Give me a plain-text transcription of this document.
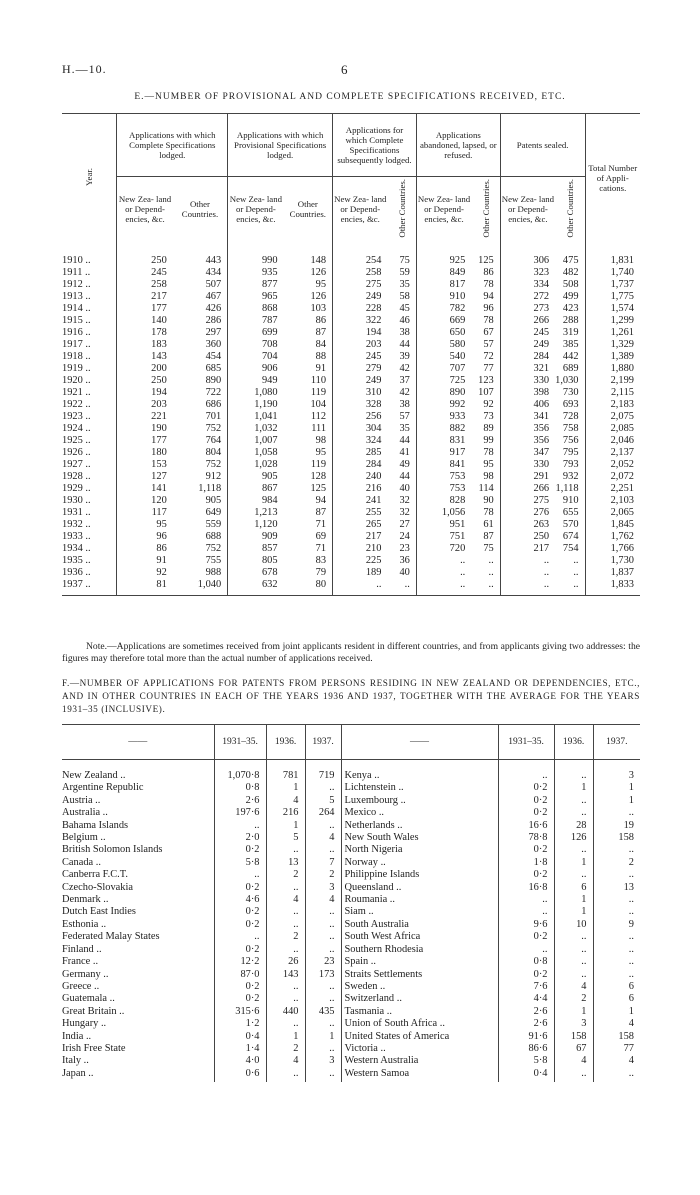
H.—10.	6
E.—NUMBER OF PROVISIONAL AND COMPLETE SPECIFICATIONS RECEIVED, ETC.
Year.	Applications with which Complete Specifications lodged.		Applications with which Provisional Specifications lodged.		Applications for which Complete Specifications subsequently lodged.		Applications abandoned, lapsed, or refused.		Patents sealed.		Total Number of Appli- cations.
	New Zea- land or Depend- encies, &c.	Other Countries.	New Zea- land or Depend- encies, &c.	Other Countries.	New Zea- land or Depend- encies, &c.	Other Countries.	New Zea- land or Depend- encies, &c.	Other Countries.	New Zea- land or Depend- encies, &c.	Other Countries.	
1910 ..	250	443	990	148	254	75	925	125	306	475	1,831
1911 ..	245	434	935	126	258	59	849	86	323	482	1,740
1912 ..	258	507	877	95	275	35	817	78	334	508	1,737
1913 ..	217	467	965	126	249	58	910	94	272	499	1,775
1914 ..	177	426	868	103	228	45	782	96	273	423	1,574
1915 ..	140	286	787	86	322	46	669	78	266	288	1,299
1916 ..	178	297	699	87	194	38	650	67	245	319	1,261
1917 ..	183	360	708	84	203	44	580	57	249	385	1,329
1918 ..	143	454	704	88	245	39	540	72	284	442	1,389
1919 ..	200	685	906	91	279	42	707	77	321	689	1,880
1920 ..	250	890	949	110	249	37	725	123	330	1,030	2,199
1921 ..	194	722	1,080	119	310	42	890	107	398	730	2,115
1922 ..	203	686	1,190	104	328	38	992	92	406	693	2,183
1923 ..	221	701	1,041	112	256	57	933	73	341	728	2,075
1924 ..	190	752	1,032	111	304	35	882	89	356	758	2,085
1925 ..	177	764	1,007	98	324	44	831	99	356	756	2,046
1926 ..	180	804	1,058	95	285	41	917	78	347	795	2,137
1927 ..	153	752	1,028	119	284	49	841	95	330	793	2,052
1928 ..	127	912	905	128	240	44	753	98	291	932	2,072
1929 ..	141	1,118	867	125	216	40	753	114	266	1,118	2,251
1930 ..	120	905	984	94	241	32	828	90	275	910	2,103
1931 ..	117	649	1,213	87	255	32	1,056	78	276	655	2,065
1932 ..	95	559	1,120	71	265	27	951	61	263	570	1,845
1933 ..	96	688	909	69	217	24	751	87	250	674	1,762
1934 ..	86	752	857	71	210	23	720	75	217	754	1,766
1935 ..	91	755	805	83	225	36	..	..	..	..	1,730
1936 ..	92	988	678	79	189	40	..	..	..	..	1,837
1937 ..	81	1,040	632	80	..	..	..	..	..	..	1,833
Note.—Applications are sometimes received from joint applicants resident in different countries, and from applicants giving two addresses: the figures may therefore total more than the actual number of applications received.
F.—NUMBER OF APPLICATIONS FOR PATENTS FROM PERSONS RESIDING IN NEW ZEALAND OR DEPENDENCIES, ETC., AND IN OTHER COUNTRIES IN EACH OF THE YEARS 1936 AND 1937, TOGETHER WITH THE AVERAGE FOR THE YEARS 1931–35 (INCLUSIVE).
——	1931–35.	1936.	1937.	——	1931–35.	1936.	1937.
New Zealand ..	1,070·8	781	719	Kenya ..	..	..	3
Argentine Republic	0·8	1	..	Lichtenstein ..	0·2	1	1
Austria ..	2·6	4	5	Luxembourg ..	0·2	..	1
Australia ..	197·6	216	264	Mexico ..	0·2	..	..
Bahama Islands	..	1	..	Netherlands ..	16·6	28	19
Belgium ..	2·0	5	4	New South Wales	78·8	126	158
British Solomon Islands	0·2	..	..	North Nigeria	0·2	..	..
Canada ..	5·8	13	7	Norway ..	1·8	1	2
Canberra F.C.T.	..	2	2	Philippine Islands	0·2	..	..
Czecho-Slovakia	0·2	..	3	Queensland ..	16·8	6	13
Denmark ..	4·6	4	4	Roumania ..	..	1	..
Dutch East Indies	0·2	..	..	Siam ..	..	1	..
Esthonia ..	0·2	..	..	South Australia	9·6	10	9
Federated Malay States	..	2	..	South West Africa	0·2	..	..
Finland ..	0·2	..	..	Southern Rhodesia	..	..	..
France ..	12·2	26	23	Spain ..	0·8	..	..
Germany ..	87·0	143	173	Straits Settlements	0·2	..	..
Greece ..	0·2	..	..	Sweden ..	7·6	4	6
Guatemala ..	0·2	..	..	Switzerland ..	4·4	2	6
Great Britain ..	315·6	440	435	Tasmania ..	2·6	1	1
Hungary ..	1·2	..	..	Union of South Africa ..	2·6	3	4
India ..	0·4	1	1	United States of America	91·6	158	158
Irish Free State	1·4	2	..	Victoria ..	86·6	67	77
Italy ..	4·0	4	3	Western Australia	5·8	4	4
Japan ..	0·6	..	..	Western Samoa	0·4	..	..
